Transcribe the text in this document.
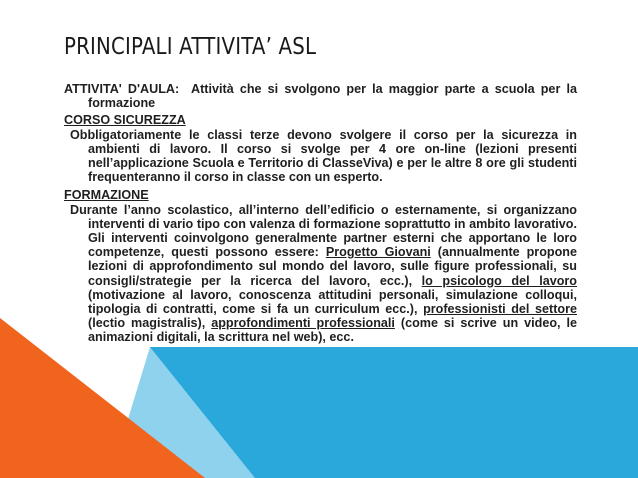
PRINCIPALI ATTIVITA’ ASL

ATTIVITA' D'AULA:  Attività che si svolgono per la maggior parte a scuola per la formazione

CORSO SICUREZZA

Obbligatoriamente le classi terze devono svolgere il corso per la sicurezza in ambienti di lavoro. Il corso si svolge per 4 ore on-line (lezioni presenti nell’applicazione Scuola e Territorio di ClasseViva) e per le altre 8 ore gli studenti frequenteranno il corso in classe con un esperto.

FORMAZIONE

Durante l’anno scolastico, all’interno dell’edificio o esternamente, si organizzano interventi di vario tipo con valenza di formazione soprattutto in ambito lavorativo. Gli interventi coinvolgono generalmente partner esterni che apportano le loro competenze, questi possono essere: Progetto Giovani (annualmente propone lezioni di approfondimento sul mondo del lavoro, sulle figure professionali, su consigli/strategie per la ricerca del lavoro, ecc.), lo psicologo del lavoro (motivazione al lavoro, conoscenza attitudini personali, simulazione colloqui, tipologia di contratti, come si fa un curriculum ecc.), professionisti del settore (lectio magistralis), approfondimenti professionali (come si scrive un video, le animazioni digitali, la scrittura nel web), ecc.
